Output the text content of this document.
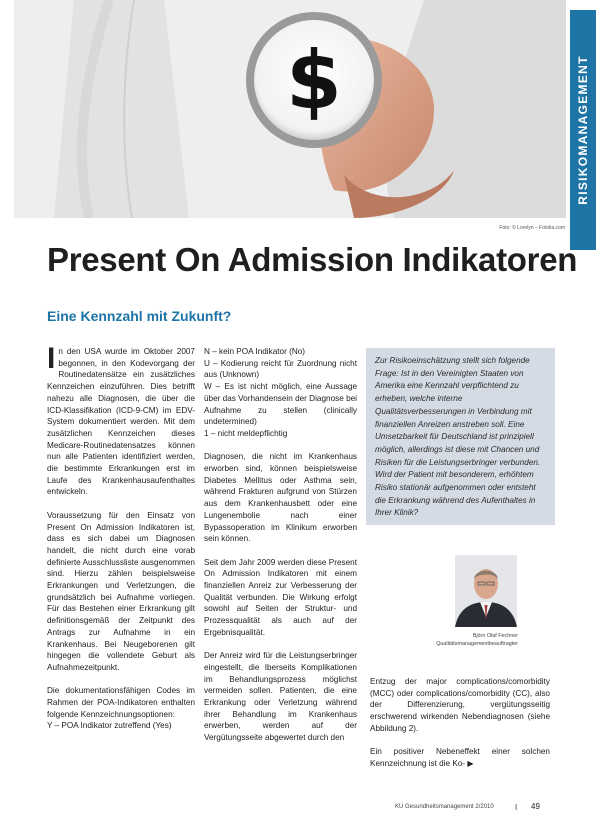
$
Foto: © Lorelyn – Fotolia.com
RISIKOMANAGEMENT
Present On Admission Indikatoren
Eine Kennzahl mit Zukunft?

In den USA wurde im Oktober 2007 begonnen, in den Kodevorgang der Routinedatensätze ein zusätzliches Kennzeichen einzuführen. Dies betrifft nahezu alle Diagnosen, die über die ICD-Klassifikation (ICD-9-CM) im EDV-System dokumentiert werden. Mit dem zusätzlichen Kennzeichen dieses Medicare-Routinedatensatzes können nun alle Patienten identifiziert werden, die bestimmte Erkrankungen erst im Laufe des Krankenhausaufenthaltes entwickeln.

Voraussetzung für den Einsatz von Present On Admission Indikatoren ist, dass es sich dabei um Diagnosen handelt, die nicht durch eine vorab definierte Ausschlussliste ausgenommen sind. Hierzu zählen beispielsweise Erkrankungen und Verletzungen, die grundsätzlich bei Aufnahme vorliegen. Für das Bestehen einer Erkrankung gilt definitionsgemäß der Zeitpunkt des Antrags zur Aufnahme in ein Krankenhaus. Bei Neugeborenen gilt hingegen die vollendete Geburt als Aufnahmezeitpunkt.

Die dokumentationsfähigen Codes im Rahmen der POA-Indikatoren enthalten folgende Kennzeichnungsoptionen:

Y – POA Indikator zutreffend (Yes)

N – kein POA Indikator (No)
U – Kodierung reicht für Zuordnung nicht aus (Unknown)
W – Es ist nicht möglich, eine Aussage über das Vorhandensein der Diagnose bei Aufnahme zu stellen (clinically undetermined)

1 – nicht meldepflichtig

Diagnosen, die nicht im Krankenhaus erworben sind, können beispielsweise Diabetes Mellitus oder Asthma sein, während Frakturen aufgrund von Stürzen aus dem Krankenhausbett oder eine Lungenembolie nach einer Bypassoperation im Klinikum erworben sein können.

Seit dem Jahr 2009 werden diese Present On Admission Indikatoren mit einem finanziellen Anreiz zur Verbesserung der Qualität verbunden. Die Wirkung erfolgt sowohl auf Seiten der Struktur- und Prozessqualität als auch auf der Ergebnisqualität.

Der Anreiz wird für die Leistungserbringer eingestellt, die Iberseits Komplikationen im Behandlungsprozess möglichst vermeiden sollen. Patienten, die eine Erkrankung oder Verletzung während ihrer Behandlung im Krankenhaus erwerben, werden auf der Vergütungsseite abgewertet durch den

Zur Risikoeinschätzung stellt sich folgende Frage: Ist in den Vereinigten Staaten von Amerika eine Kennzahl verpflichtend zu erheben, welche interne Qualitätsverbesserungen in Verbindung mit finanziellen Anreizen anstreben soll. Eine Umsetzbarkeit für Deutschland ist prinzipiell möglich, allerdings ist diese mit Chancen und Risiken für die Leistungserbringer verbunden. Wird der Patient mit besonderem, erhöhtem Risiko stationär aufgenommen oder entsteht die Erkrankung während des Aufenthaltes in Ihrer Klinik?
Björn Olaf Fechner
Qualitätsmanagementbeauftragter

Entzug der major complications/comorbidity (MCC) oder complications/comorbidity (CC), also der Differenzierung, vergütungsseitig erschwerend wirkenden Nebendiagnosen (siehe Abbildung 2).

Ein positiver Nebeneffekt einer solchen Kennzeichnung ist die Ko- ▶

KU Gesundheitsmanagement 2/2010	I 49
